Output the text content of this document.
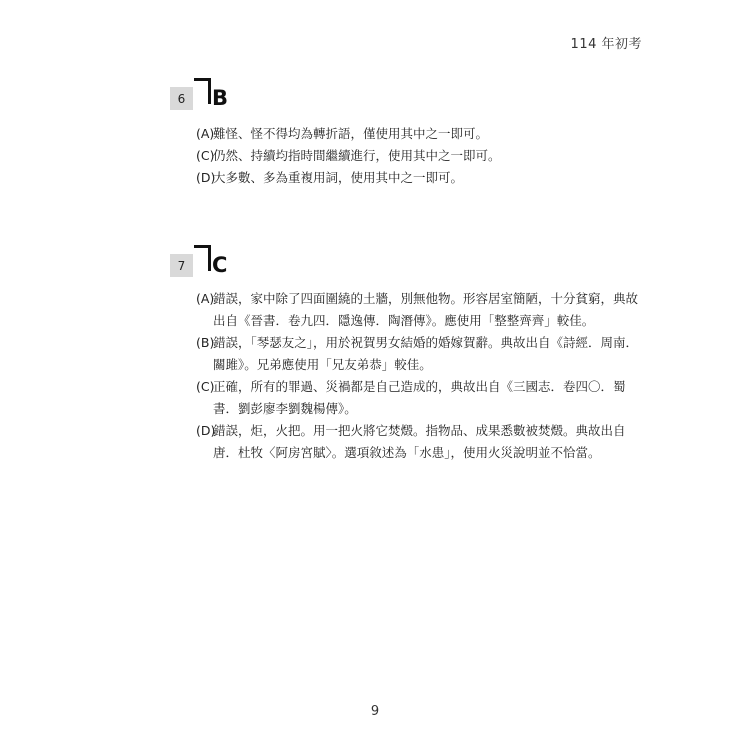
114 年初考
6	B
(A)
難怪、怪不得均為轉折語，僅使用其中之一即可。
(C)
仍然、持續均指時間繼續進行，使用其中之一即可。
(D)
大多數、多為重複用詞，使用其中之一即可。
7	C
(A)
錯誤，家中除了四面圍繞的土牆，別無他物。形容居室簡陋，十分貧窮，典故出自《晉書．卷九四．隱逸傳．陶潛傳》。應使用「整整齊齊」較佳。
(B)
錯誤，「琴瑟友之」，用於祝賀男女結婚的婚嫁賀辭。典故出自《詩經．周南．關雎》。兄弟應使用「兄友弟恭」較佳。
(C)
正確，所有的罪過、災禍都是自己造成的，典故出自《三國志．卷四〇．蜀書．劉彭廖李劉魏楊傳》。
(D)
錯誤，炬，火把。用一把火將它焚燬。指物品、成果悉數被焚燬。典故出自唐．杜牧〈阿房宮賦〉。選項敘述為「水患」，使用火災說明並不恰當。
9
